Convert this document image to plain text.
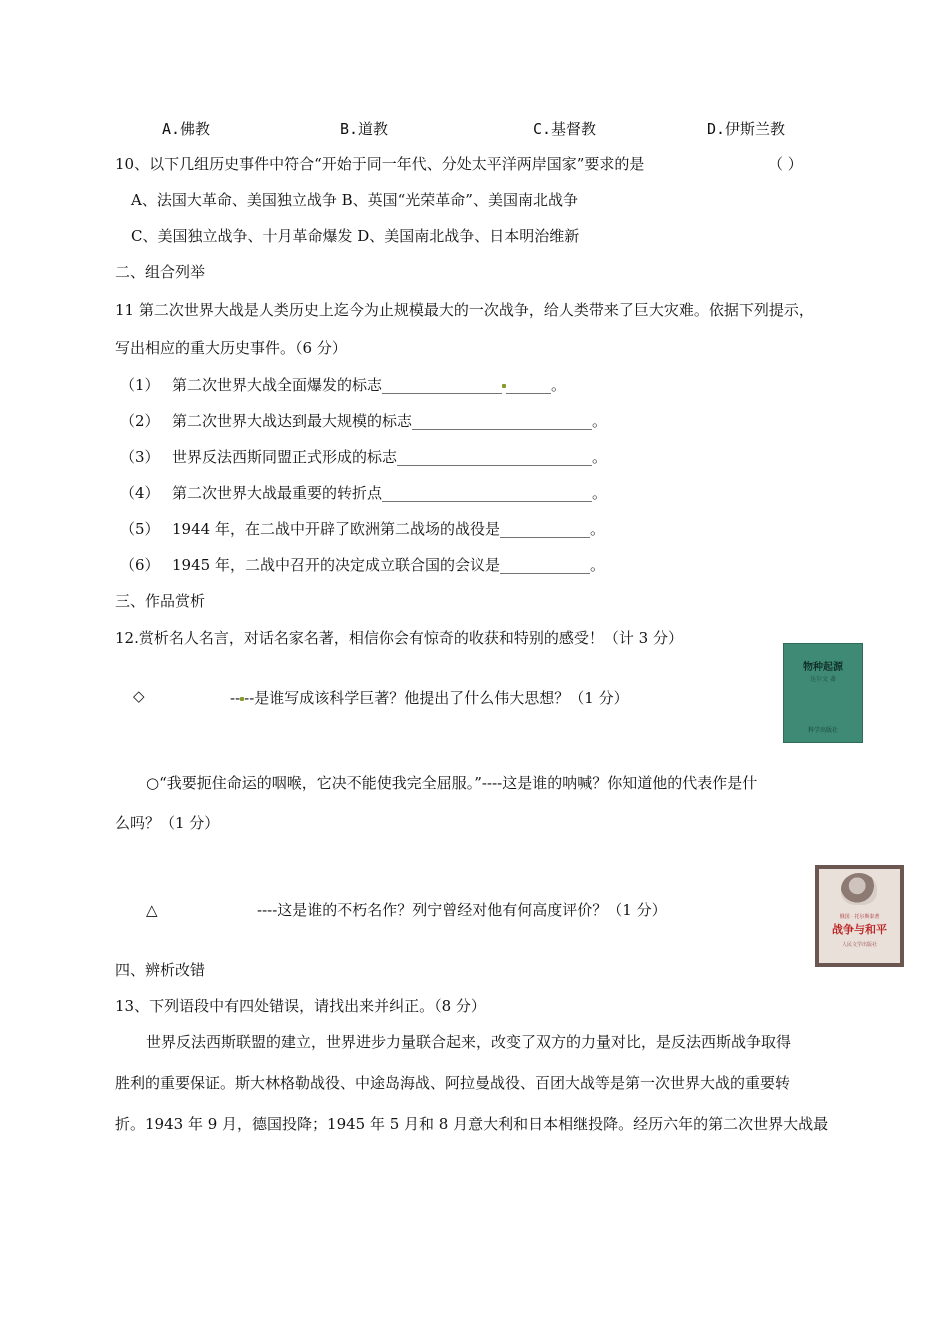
A.佛教	B.道教	C.基督教	D.伊斯兰教
10、以下几组历史事件中符合“开始于同一年代、分处太平洋两岸国家”要求的是	（ ）
A、法国大革命、美国独立战争 B、英国“光荣革命”、美国南北战争
C、美国独立战争、十月革命爆发 D、美国南北战争、日本明治维新
二、组合列举
11 第二次世界大战是人类历史上迄今为止规模最大的一次战争，给人类带来了巨大灾难。依据下列提示，
写出相应的重大历史事件。（6 分）
（1） 第二次世界大战全面爆发的标志________________ ______。
（2） 第二次世界大战达到最大规模的标志________________________。
（3） 世界反法西斯同盟正式形成的标志__________________________。
（4） 第二次世界大战最重要的转折点____________________________。
（5） 1944 年，在二战中开辟了欧洲第二战场的战役是____________。
（6） 1945 年，二战中召开的决定成立联合国的会议是____________。
三、作品赏析
12.赏析名人名言，对话名家名著，相信你会有惊奇的收获和特别的感受！（计 3 分）
物种起源
达尔文 著
科学出版社
◇	-- --是谁写成该科学巨著？他提出了什么伟大思想？（1 分）
○“我要扼住命运的咽喉，它决不能使我完全屈服。”----这是谁的呐喊？你知道他的代表作是什
么吗？（1 分）
俄国 · 托尔斯泰著
战争与和平
人民文学出版社
△	----这是谁的不朽名作？列宁曾经对他有何高度评价？（1 分）
四、辨析改错
13、下列语段中有四处错误，请找出来并纠正。（8 分）
世界反法西斯联盟的建立，世界进步力量联合起来，改变了双方的力量对比，是反法西斯战争取得
胜利的重要保证。斯大林格勒战役、中途岛海战、阿拉曼战役、百团大战等是第一次世界大战的重要转
折。1943 年 9 月，德国投降；1945 年 5 月和 8 月意大利和日本相继投降。经历六年的第二次世界大战最
